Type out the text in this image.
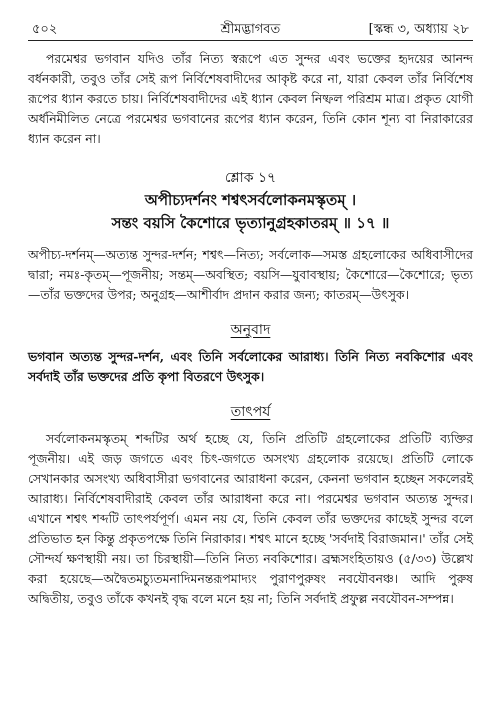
৫০২	শ্রীমদ্ভাগবত	[স্কন্ধ ৩, অধ্যায় ২৮

পরমেশ্বর ভগবান যদিও তাঁর নিত্য স্বরূপে এত সুন্দর এবং ভক্তের হৃদয়ের আনন্দ বর্ধনকারী, তবুও তাঁর সেই রূপ নির্বিশেষবাদীদের আকৃষ্ট করে না, যারা কেবল তাঁর নির্বিশেষ রূপের ধ্যান করতে চায়। নির্বিশেষবাদীদের এই ধ্যান কেবল নিষ্ফল পরিশ্রম মাত্র। প্রকৃত যোগী অর্ধনিমীলিত নেত্রে পরমেশ্বর ভগবানের রূপের ধ্যান করেন, তিনি কোন শূন্য বা নিরাকারের ধ্যান করেন না।

শ্লোক ১৭
অপীচ্যদর্শনং শশ্বৎসর্বলোকনমস্কৃতম্ ।
সন্তং বয়সি কৈশোরে ভৃত্যানুগ্রহকাতরম্ ॥ ১৭ ॥

অপীচ্য-দর্শনম্—অত্যন্ত সুন্দর-দর্শন; শশ্বৎ—নিত্য; সর্বলোক—সমস্ত গ্রহলোকের অধিবাসীদের দ্বারা; নমঃ-কৃতম্—পূজনীয়; সন্তম্—অবস্থিত; বয়সি—যুবাবস্থায়; কৈশোরে—কৈশোরে; ভৃত্য—তাঁর ভক্তদের উপর; অনুগ্রহ—আশীর্বাদ প্রদান করার জন্য; কাতরম্—উৎসুক।

অনুবাদ

ভগবান অত্যন্ত সুন্দর-দর্শন, এবং তিনি সর্বলোকের আরাধ্য। তিনি নিত্য নবকিশোর এবং সর্বদাই তাঁর ভক্তদের প্রতি কৃপা বিতরণে উৎসুক।

তাৎপর্য

সর্বলোকনমস্কৃতম্ শব্দটির অর্থ হচ্ছে যে, তিনি প্রতিটি গ্রহলোকের প্রতিটি ব্যক্তির পূজনীয়। এই জড় জগতে এবং চিৎ-জগতে অসংখ্য গ্রহলোক রয়েছে। প্রতিটি লোকে সেখানকার অসংখ্য অধিবাসীরা ভগবানের আরাধনা করেন, কেননা ভগবান হচ্ছেন সকলেরই আরাধ্য। নির্বিশেষবাদীরাই কেবল তাঁর আরাধনা করে না। পরমেশ্বর ভগবান অত্যন্ত সুন্দর। এখানে শশ্বৎ শব্দটি তাৎপর্যপূর্ণ। এমন নয় যে, তিনি কেবল তাঁর ভক্তদের কাছেই সুন্দর বলে প্রতিভাত হন কিন্তু প্রকৃতপক্ষে তিনি নিরাকার। শশ্বৎ মানে হচ্ছে 'সর্বদাই বিরাজমান।' তাঁর সেই সৌন্দর্য ক্ষণস্থায়ী নয়। তা চিরস্থায়ী—তিনি নিত্য নবকিশোর। ব্রহ্মসংহিতায়ও (৫/৩৩) উল্লেখ করা হয়েছে—অদ্বৈতমচ্যুতমনাদিমনন্তরূপমাদ্যং পুরাণপুরুষং নবযৌবনঞ্চ। আদি পুরুষ অদ্বিতীয়, তবুও তাঁকে কখনই বৃদ্ধ বলে মনে হয় না; তিনি সর্বদাই প্রফুল্ল নবযৌবন-সম্পন্ন।
